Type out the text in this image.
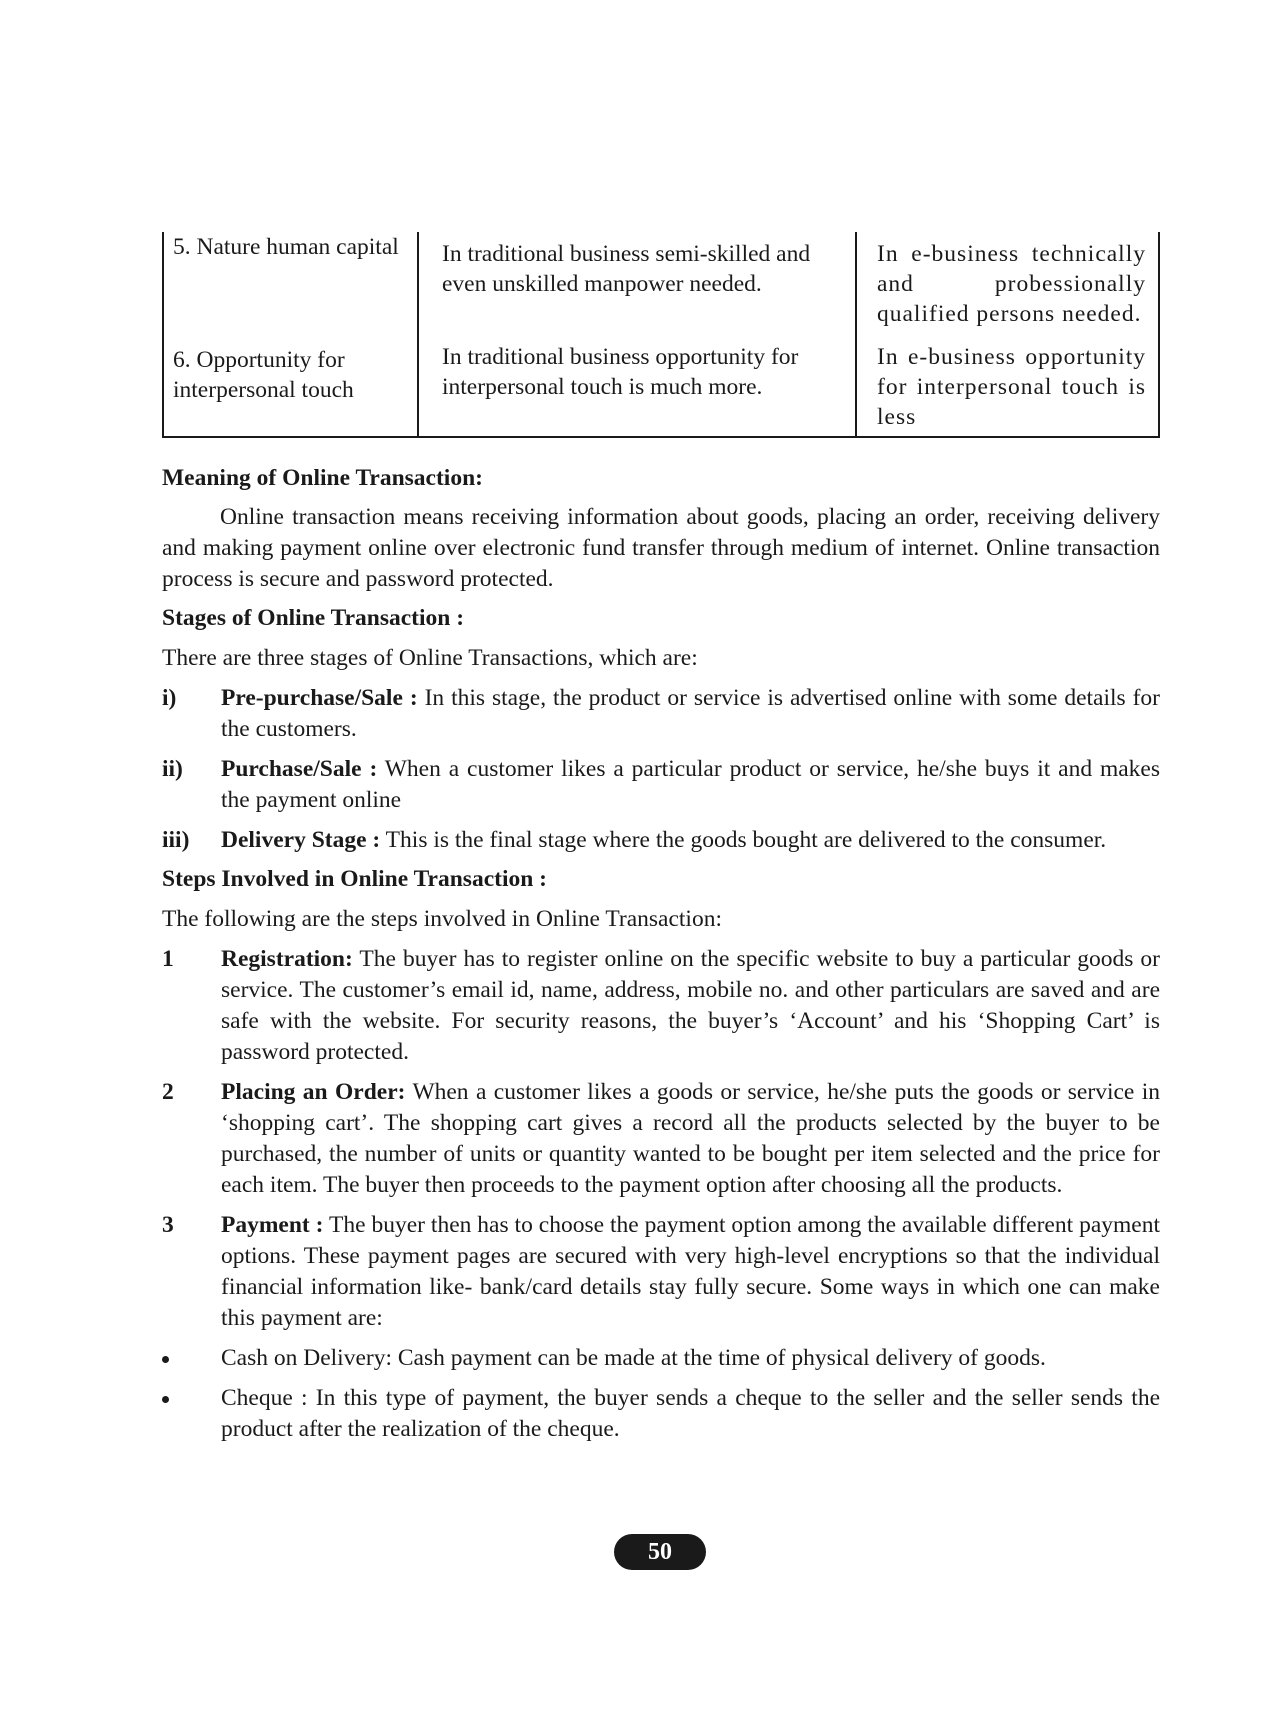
5. Nature human capital	In traditional business semi-skilled and even unskilled manpower needed.	In e-business technically and probessionally qualified persons needed.
6. Opportunity for interpersonal touch	In traditional business opportunity for interpersonal touch is much more.	In e-business opportunity for interpersonal touch is less
Meaning of Online Transaction:

Online transaction means receiving information about goods, placing an order, receiving delivery and making payment online over electronic fund transfer through medium of internet. Online transaction process is secure and password protected.

Stages of Online Transaction :

There are three stages of Online Transactions, which are:

i) Pre-purchase/Sale : In this stage, the product or service is advertised online with some details for the customers.
ii) Purchase/Sale : When a customer likes a particular product or service, he/she buys it and makes the payment online
iii) Delivery Stage : This is the final stage where the goods bought are delivered to the consumer.
Steps Involved in Online Transaction :

The following are the steps involved in Online Transaction:

1 Registration: The buyer has to register online on the specific website to buy a particular goods or service. The customer’s email id, name, address, mobile no. and other particulars are saved and are safe with the website. For security reasons, the buyer’s ‘Account’ and his ‘Shopping Cart’ is password protected.
2 Placing an Order: When a customer likes a goods or service, he/she puts the goods or service in ‘shopping cart’. The shopping cart gives a record all the products selected by the buyer to be purchased, the number of units or quantity wanted to be bought per item selected and the price for each item. The buyer then proceeds to the payment option after choosing all the products.
3 Payment : The buyer then has to choose the payment option among the available different payment options. These payment pages are secured with very high-level encryptions so that the individual financial information like- bank/card details stay fully secure. Some ways in which one can make this payment are:
Cash on Delivery: Cash payment can be made at the time of physical delivery of goods.
Cheque : In this type of payment, the buyer sends a cheque to the seller and the seller sends the product after the realization of the cheque.
50
